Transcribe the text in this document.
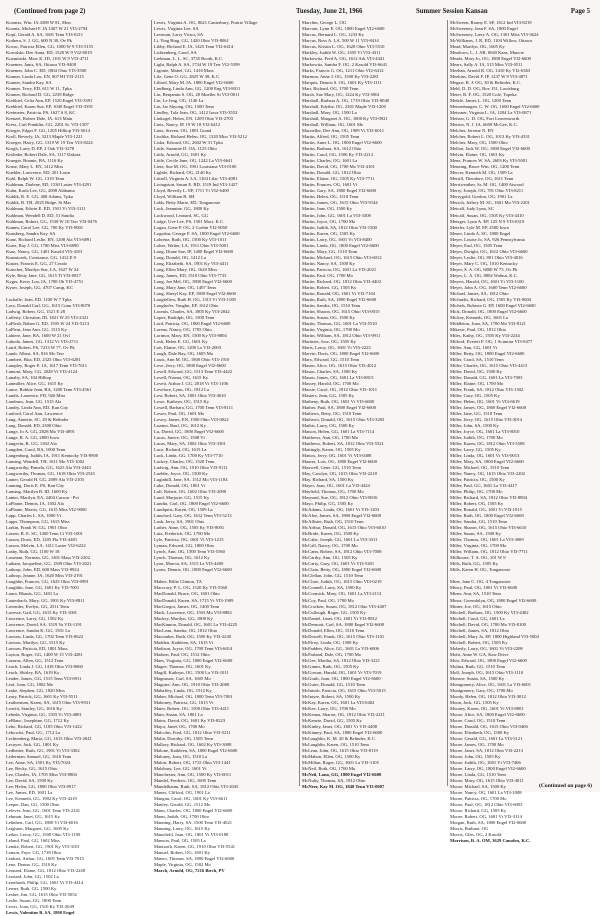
(Continued from page 2)	Tuesday, June 21, 1966	Summer Session Kansan	Page 5
Koontzs, Wm. IA 4308 W 81, Mon
Koontz, Michael F. IA 1407 W 21 VI3-2794
Kopf, Gerald A. SA, 1601 Tenn VI3-0211
Kothera, S. J. GG, 600 N 30, Ov Pk
Kovac, Patricia Ellen, GG, 1000 W 9 VI3-5155
Kowalski, Dee Anna, ED, 1520 W 9 VI2-8019
Kozminski, Marc K. ID, 1101 W 9 VI3-4711
Kraemer, Janis, SA, Ottawa VI3-9408
Kraemer, John C. ED, 1804 Ohio VI3-3500
Kramer, Linda Lou, EN, 807 HI VI3-2115
Kramer, Sandra Kay, SA
Kramer, Terry, ED, 611 W 11, Tpka
Kramer, Richard D. GG, 2239 Ridge
Krebbiel, Celia Ann, EP, 1520 Engel VI3-3391
Krebbiel, Karen Sue, EP, 1040 Engel VI3-3391
Kreimeier, Patricia, PS, 1627 S 8, KC
Krenzel, Robert Dale, IA, 613 Main
Kress, Carl Franklin, GG, 2201 St. VI3-1507
Krieger, Edgar F. GG, 1205 Hilltop VI3-5614
Kroll, Beverly, IA, 3213 Maple VI3-1221
Kroeger, Harry, GG, 1319 W 19 Terr VI3-8224
Krogh, Larry D. EP, 2 Oak VI3-3278
Krohnke, Robert Dale, SA, 1117 Dakota
Krueger, Bonnie, BA, 1116 Ky
Kruse, Mary L. EN, 1412 Miss
Kuehler, Lawrence, ED, 201 Lawn
Kuhl, Ralph W. GG, 1319 Tenn
Kuhlman, Darlene, ED, 1530 Laster VI3-4291
Kuhn, Karla Lee, GG, 2008 Alabama
Kuhlik, R. E. GG, 408 Adams, Tpka
Kuhlik, B. TH, 2025 Ridge, St Mar
Kuhlman, Edwin E. ED, 1501 Vt VI3-3111
Kuhlman, Wendell D. ED, 51 Sandia
Kuhlman, Robert, GG, 1530 W 10 Terr VI3-0476
Kumm, Carol Lee, GG, 700 Ky VI3-9001
Kunsberg, Sandra Kay, SA
Kunz, Richard Leslie, EN, 1208 Ala VI3-6891
Kurtz, Ray J. GG, 1700 Miss VI3-6890
Kurz, Nancy, GG, 1401 Kasold VI3-4101
Kusmiczek, Constance, GG, 1412 E 9
Kuster, Francis E. GG, 27 Ceralo
Kutscher, Marilyn Sue, LA, 1627 W 24
Kyle, Betty Jane, GG, 1615 Tl VI3-0817
Kyger, Kerry Lou, IA, 1700 Oh VI3-4751
Kyser, Joseph, GG, 4707 Camp, KC

Lachalle, Joan, ED, 1100 W 7 Tpka
Lacy, Donald Carl, GG, 1615 Conn VI3-8070
Ladwig, Robert, GG, 1521 E 28
Lafferty, Christine, ID, 1821 W 25 VI3-2321
LaFlesh, Raben G. ED, 1505 W 24 VI3-5213
LaFleur, Jean Ann, GG, 1515 Ky
Lahiere, Jane, BA, 1600 W 21 Ovl
Lahoda, James, GG, 1312 Vt VI3-2711
Laird, Robert, PS, 7213 W 77, Ov Pk
Lamb, Albert, SA, 816 Mo Terr
Lambert, Rita, ED, 2325 Ohio VI3-6281
Lampley, Roger E. IA, 1617 Tenn VI3-7611
Lamont, Mary, GG, 2028 Vt VI3-4124
Lanalty, SA, 104 Hilltop
Lanmiller, Alice, GG, 1615 Ky
Lance, Bobbie Jean, BA, 1200 Tenn VI3-4561
Landis, Laurence, FD, 926 Miss
Landrum, Jean, GG, 1515 Ala
Landry, Linda Ann, ED, Kan City
Lanford, Carol Ann, Lawrence
Lang, Annette, SC, 29 & Belinder
Lang, Donald, ED, 2300 Ohio
Lange, Jo A. GG, 2828 Mo VI3-4891
Lange, R. A. GG, 2800 Iowa
Langevin, R. GG, 1302 Ala
Langdon, Carol, BA, 1000 Tenn
Langenburg, Judith, IA, 1911 Kentucky VI3-8900
Lansing, Wendell, TH, 1611 Mo VI3-1002
Langworthy, Pamela, GG, 1625 Ala VI3-2443
Langworthy, Thomas, GG, 1618 Ohio VI3-2543
Lanier, Gerald H. GG, 2009 Ala VI3-2103
Lanning, Doris E. PS, Kan City
Lansing, Marilyn B. ID, 1600 Ky
Lanter, Marilyn, EA, 2404 Carson - Pvt
LaPlante, Dennis, IA, 1302 Ala
LaPlante, Morris, GG, 1615 Miss VI2-9000
Lapp, Charles L. SA, 1000 Vt
Lapps, Thompson, GG, 1615 Miss
Larkin, Frank W. GG, 1901 Ohio
Larsen, R. E. SC, 1400 Tenn Ct VI3-1001
Larson, Doris, ED, 1205 Fla VI3-4481
Larson, Melvin, LA, 1411 Laster VI2-6222
Lasby, Ruth, GG, 1100 W 18
Lassman, Norman, GG, 1401 Mass VI3-2202
Latham, Jacqueline, GG, 1509 Ohio VI3-2021
Lathrop, John, ED, 600 Mass VI3-8924
Lathrop, Jeanne, IA, 1620 Miss VI3-2191
Laughlin, Frances, GG, 1625 Ohio VI3-0991
Laughlin, Jane, GG, 1601 Ky VI3-7001
Laura, Rhanis, GG, 1401 La
Lauterbach, Mary, GG, 1901 Ky VI3-8811
Lavender, Evelyn, GG, 2511 Tenn
Lavesse, Gail, GG, 1615 Ky VI3-1001
Lawrence, Larry, GG, 1502 Ky
Lawrence, David, SA, 1519 Va VI3-1191
Lawrence, Sandra K. GG, 1501 La
Lawson, Linda, GG, 1702 Tenn VI3-8622
Lawson, Marilyn, GG, 1515 Ky
Lawson, Patricia, ED, 1801 Mass
Layton, Roger, GG, 1400 W 15 VI3-4281
Lazarus, Allen, GG, 1512 Tenn
Leach, Linda J. GG, 1418 Ohio VI3-8060
Leach, Shirley, BA, 1619 Ky
Leader, James, GG, 1515 Tenn VI3-6911
Leaf, Joan, GG, 1802 Mo
Leake, Stephen, GG, 1820 Miss
Leary, Patrick, GG, 1601 Ky VI3-5511
Leatherman, Karen, SA, 1615 Ohio VI3-9931
Leavitt, Stanley, GG, 1616 Ky
Lebeda, Virginia, GG, 1503 Vt VI3-4881
LeBlanc, Josephine, GG, 1712 Ky
Lebo, Richard, GG, 1105 Ohio VI3-1422
Lebowitz, Paul, GG, 1712 La
Lechtenberg, Maria, GG, 1615 Ohio VI3-2041
Lecuyer, Jack, GG, 1801 Ky
Ledbetter, Ruth, GG, 1901 Vt VI3-3302
Lederman, Samuel, GG, 1616 Tenn
Lee, Anne, SA, 1501 Ky VI3-7024
Lee, Becky, GG, 1615 Ohio
Lee, Charles, IA, 1705 Miss VI3-8804
Lee, David, SA, 1500 Ky
Lee, Helen, GG, 1800 Ohio VI3-0917
Lee, James, ED, 1601 La
Lee, Kenneth, GG, 1902 Ky VI3-4219
Leeper, Dan, GG, 1500 Ohio
Lefever, Jean, GG, 1601 Tenn VI3-2241
Lehman, Janet, GG, 1615 Ky
Lehnherr, Carl, GG, 1800 Vt VI3-6016
Leighton, Margaret, GG, 1605 Ky
Leiker, Leroy, GG, 1500 Ohio VI3-1190
Leland, Paul, GG, 1602 Miss
Lemke, Robert, GG, 1901 Ky VI3-3101
Lemon, Faye, GG, 1718 Ohio
Lenhart, Arthur, GG, 1605 Tenn VI3-7015
Lenz, Donna, GG, 1510 Ky
Leonard, Elaine, GG, 1812 Ohio VI3-2248
Leonard, John, GG, 1502 La
Leonhardt, Philip, GG, 1601 Vt VI3-4414
Lerner, Ruth, GG, 1500 Ky
Lesher, Jim, GG, 1615 Ohio VI3-5052
Leslie, Susan, GG, 1800 Tenn
Lewis, Joan, GG, 1510 Ky VI3-2049
Lewis, Valentine B. SA, 1800 Engel
Lewis, Virginia A. OG, 8621 Canterbury, Prairie Village
Lewis, Virginia Lee, SA
Lewman, Larry Victor, SA
Li, Ying Bing, GG, 1420 Ohio VI3-8061
Libby, Richard E. IA, 1425 Tenn VI2-6414
Lichtenberg, Carol, SA
Liebman, L. L. SC, 3735 Booth, K.C.
Light, Ralph A. SA, 1734 W 19 Terr VI2-5599
Ligonie, Mabel, GG, 1416 Mass
Lile, Gene O. GG, 2825 W 38, K.C.
Lillard, Mary M. IA, 1800 Engel VI2-6600
Lindberg, Linda Ann, GG, 1200 Eng VI3-8011
Lin, Benjamin S. OG, 20 Mueller St VI3-0011
Lin, Le Jeng, OG, 1140 La
Lin, Jar Shyong, OG, 1500 Tenn
Lindley, Tola Jean, OG, 1412 Iowa VI3-3552
Linkogel, Helen, EN, 1209 Ohio VI3-2703
Lints, Nancy, IP, 19 W 18 VI2-6412
Lints, Steven, OG, 1801 Grand
Lischka, Richard Helen, OG, 1320 Miss VI3-5212
Liska, Edward, OG, 2602 W 31 Tpka
Little, Suzanne D. OA, 1125 Ohio
Little, Arnold, GG, 1601 Ky
Little, Cecile Jane, OG, 1242 La VI3-6641
Lietz, Sue M. OG, 1901 Louisiana VI3-0100
Lightle, Richard, OG, 2140 Ky
Littrell, Virginia A. LA, 1104 Lilac VI3-4081
Livingston, Susan E. BD, 1519 Ind VI3-1427
Lloyd, Beverly L. EP, 1711 Vt VI2-6400
Lloyd, William B. SH
Lobb, Betty Marie, ED, Tonganoxie
Lock, Jeannine, GG, 1800 Ky
Lockwood, Leonard, SC, GG
Lodge, Uve Lee, PS, 1501 Maci, K.C.
Logan, Gene P. OG, 2 Corbin VI2-9050
Logsdon, George F. SA, 1800 Engel VI2-6600
Lohrenz, Ruth, OG, 1500 Ky VI3-1011
Lohse, Walter, LA, 1911 Ohio VI3-5001
Long, Diane Sue, IP, 1400 Engel VI2-6600
Long, Donald, OG, 1412 La
Long, Elizabeth, SA, 1901 Ky VI3-4411
Long, Ellen Mary, OG, 1620 Miss
Long, James, ED, 1510 Ohio VI3-7733
Long, Joe Mel, OG, 1800 Engel VI2-6600
Long, Mary Jane, OG, 1407 Tenn
Long, Sheryl Kay, EP, 1800 Engel VI2-6600
Longfellow, Ruth H. OG, 1315 Vt VI3-1108
Longhofer, Vaughn, EP, 1612 Ohio
Loomis, Charles, SA, 1805 Ky VI3-2042
Lopez, Rudolph, OG, 1500 Tenn
Lord, Patricia, OG, 1800 Engel VI2-6600
Lorenz, Nancy, OG, 1705 Ohio
Lorimor, Mary, EN, 1500 Ky VI3-8804
Losh, Helen E. GG, 1601 Ky
Lott, Elaine, OG, 1200 La VI3-2003
Lough, Dale Ray, OG, 1605 Mo
Louis, Ann M. OG, 1800 Ohio VI3-1910
Love, Jerry, OG, 1800 Engel VI2-6600
Lovell, Edward, GG, 1513 Tenn VI3-4422
Lovell, Norma, OG, 1615 Ky
Lovett, Arthur J. GG, 2018 Vt VI3-1106
Lovelace, Lynn, OG, 1812 La
Low, Robert, SA, 1801 Ohio VI3-4010
Lowe, Kathryn, OG, 1515 Ky
Lowell, Barbara, GG, 1700 Tenn VI3-8111
Lower, Paul, OG, 1601 Mo
Lowry, James, EN, 1500 Ohio VI3-0022
Lozano, Raul, OG, 1612 Ky
Lu, David, GG, 1800 Engel VI2-6600
Lucas, Janice, OG, 1508 Vt
Lucas, Mary, SA, 1802 Ohio VI3-3301
Luce, Richard, OG, 1615 La
Luck, Linda, GG, 1700 Ky VI3-7710
Luckey, Charles, OG, 1520 Tenn
Ludwig, Ann, OG, 1910 Ohio VI3-9111
Luebbe, Joyce, OG, 1500 Ky
Luginbill, Jane, SA, 1512 Mo VI3-1104
Luke, Donald, OG, 1801 Vt
Lull, Robert, OG, 1602 Ohio VI3-2090
Lund, Marjorie, GG, 1515 Ky
Lundin, Carl, OG, 1800 Engel VI2-6600
Lundquist, Karen, OG, 1509 La
Lunsford, Gary, OG, 1612 Tenn VI3-5213
Lusk, Jerry, SA, 1901 Ohio
Luther, Anne, OG, 1505 Ky VI3-8001
Lutz, Frederick, OG, 1700 Mo
Lyle, Patricia, OG, 1601 Vt VI3-1215
Lyman, Edward, GG, 1800 Ohio
Lynch, Ann, OG, 1500 Tenn VI3-5560
Lynch, Thomas, OG, 1612 Ky
Lyon, Marcia, SA, 1515 La VI3-4400
Lyons, Dennis, OG, 1800 Engel VI2-6600

Mabee, Billie Clinton, TA
Maccrory, P. L. OG, 1520 Ky VI3-5560
MacDonald, Bruce, OG, 1601 Ohio
MacDonald, Karen, SA, 1715 Vt VI3-1909
MacGregor, James, OG, 1400 Tenn
Mack, Lawrence, OG, 1503 Mo VI3-8882
Mackey, Marilyn, GG, 1800 Ky
MacKinnon, Donald, OG, 1601 La VI3-4225
MacLean, Sandra, OG, 1812 Ohio
Macomber, Ruth, OG, 1500 Ky VI3-2240
Madden, Kathleen, SA, 1615 Vt
Madison, Joyce, OG, 1700 Tenn VI3-6014
Madsen, Paul, OG, 1512 Ohio
Maes, Virginia, GG, 1800 Engel VI2-6600
Magee, Thomas, OG, 1601 Ky
Magill, Kathryn, OG, 1500 La VI3-1011
Magnuson, Carl, SA, 1605 Mo
Maguire, Ann, OG, 1910 Ohio VI3-2080
Mahaffey, Linda, OG, 1512 Ky
Maher, Michael, OG, 1800 Tenn VI3-7001
Mahoney, Patricia, GG, 1615 Vt
Maier, Robert, OG, 1500 Ohio VI3-4411
Main, Susan, SA, 1801 La
Mains, David, OG, 1601 Ky VI3-8223
Major, Janet, OG, 1700 Mo
Malcolm, Fred, GG, 1812 Ohio VI3-5211
Malin, Dorothy, OG, 1505 Tenn
Mallory, Richard, OG, 1602 Ky VI3-3008
Malone, Kathleen, SA, 1800 Engel VI2-6600
Maloney, Joan, OG, 1510 La
Malott, Robert, OG, 1715 Ohio VI3-1441
Malsbury, Lee, GG, 1601 Vt
Manchester, Ann, OG, 1500 Ky VI3-0011
Mandel, Frederic, OG, 1605 Tenn
Mandelbaum, Ruth, SA, 1812 Ohio VI3-2045
Manes, Clifford, OG, 1901 La
Mangan, Carol, OG, 1601 Ky VI3-6611
Manley, Gerald, GG, 1512 Mo
Mann, Charles, OG, 1800 Engel VI2-6600
Mann, Judith, OG, 1700 Ohio
Manning, Harry, SA, 1500 Tenn VI3-4021
Manning, Larry, OG, 1615 Ky
Mansfield, Joan, OG, 1801 Vt VI3-0188
Manson, Paul, OG, 1505 La
Mantooth, Karen, GG, 1910 Ohio VI3-5541
Manuel, Robert, OG, 1601 Ky
Manzo, Thomas, SA, 1800 Engel VI2-6600
Maple, Virginia, OG, 1502 Mo
March, Arnold, OG, 7216 Birch, PV
Marchin, George L. OG
Marconi, Lynn E. OG, 1800 Engel VI2-6600
Marcus, Bernard L. OG, 1233 Ky
Marcus, Ross A. LA, 500 W 11 VI3-8414
Marcus, Kristin L. OG, 1620 Ohio VI3-5510
Markley, Judith W. OG, 1305 Vt VI3-4311
Markowitz, Fred A. OG, 1612 Ark VI3-4441
Markowitz, Sandra F. OG, 2 Kasold VI3-6641
Marks, Francis G. OG, 1211 Ohio VI2-6412
Marmon, Anne J. OG, 1500 Ky VI3-2281
Marquis, Dennis S. OG, 1601 Ky VI3-1111
Marr, Richard, OG, 1700 Tenn
Marsh, Sue Mary, OG, 1224 Ky VI3-5061
Marshall, Barbara A. OG, 1719 Ohio VI3-8040
Marshall, Edythe, OG, 2301 Maple VI3-1200
Marshall, Mary, OG, 1500 La
Marshall, Margaret A. OG, 1800 Ky VI3-0921
Marshall, William, OG, 1601 Mo
Marsteller, Dee Ann, OG, 1909 Vt VI3-6011
Martin, Alfred, OG, 1505 Tenn
Martin, Anne L. OG, 1800 Engel VI2-6600
Martin, Barbara, SA, 1612 Ohio
Martin, Carol, OG, 1500 Ky VI3-2212
Martin, Charles, OG, 1601 La
Martin, David, OG, 1700 Mo VI3-4101
Martin, Donald, GG, 1812 Ohio
Martin, Elaine, OG, 1505 Ky VI3-7711
Martin, Frances, OG, 1601 Vt
Martin, Gary, SA, 1800 Engel VI2-6600
Martin, Helen, OG, 1510 Tenn
Martin, James, OG, 1615 Ohio VI3-9144
Martin, Jane, OG, 1500 Ky
Martin, John, GG, 1601 La VI3-3308
Martin, Joyce, OG, 1700 Mo
Martin, Judith, SA, 1812 Ohio VI3-1500
Martin, Karen, OG, 1505 Ky
Martin, Larry, OG, 1601 Vt VI3-8400
Martin, Linda, OG, 1800 Engel VI2-6600
Martin, Mary, GG, 1510 Tenn
Martin, Michael, OG, 1615 Ohio VI3-6012
Martin, Nancy, SA, 1500 Ky
Martin, Patricia, OG, 1601 La VI3-2021
Martin, Paul, OG, 1700 Mo
Martin, Richard, OG, 1812 Ohio VI3-4402
Martin, Robert, GG, 1505 Ky
Martin, Ronald, OG, 1601 Vt VI3-7104
Martin, Ruth, SA, 1800 Engel VI2-6600
Martin, Sandra, OG, 1510 Tenn
Martin, Sharon, OG, 1615 Ohio VI3-0015
Martin, Susan, OG, 1500 Ky
Martin, Thomas, GG, 1601 La VI3-5510
Martin, Virginia, OG, 1700 Mo
Martin, William, SA, 1812 Ohio VI3-9911
Martinez, Jose, OG, 1505 Ky
Marts, Leroy, OG, 1601 Vt VI3-2223
Marvin, Doris, OG, 1800 Engel VI2-6600
Marx, Edward, GG, 1510 Tenn
Mason, Alice, OG, 1615 Ohio VI3-4012
Mason, Charles, SA, 1500 Ky
Mason, James, OG, 1601 La VI3-8815
Massey, Harold, OG, 1700 Mo
Massie, Carol, OG, 1812 Ohio VI3-1011
Masters, Jean, GG, 1505 Ky
Matheny, Ruth, OG, 1601 Vt VI3-6600
Mather, Paul, SA, 1800 Engel VI2-6600
Mathews, Betty, OG, 1510 Tenn
Mathews, Donald, OG, 1615 Ohio VI3-3203
Mathis, Larry, OG, 1500 Ky
Matson, Helen, GG, 1601 La VI3-7114
Matthews, Ann, OG, 1700 Mo
Matthews, Robert, SA, 1812 Ohio VI3-5521
Mattingly, Karen, OG, 1505 Ky
Mattox, Jerry, OG, 1601 Vt VI3-0408
Maurer, Lois, OG, 1800 Engel VI2-6600
Maxwell, Gene, GG, 1510 Tenn
May, Carolyn, OG, 1615 Ohio VI3-2218
May, Richard, SA, 1500 Ky
Mayer, Joan, OG, 1601 La VI3-4424
Mayfield, Thomas, OG, 1700 Mo
Maynard, Sue, OG, 1812 Ohio VI3-8016
Mayo, Philip, GG, 1505 Ky
McAdams, Linda, OG, 1601 Vt VI3-1203
McAfee, James, SA, 1800 Engel VI2-6600
McAllister, Ruth, OG, 1510 Tenn
McArthur, Donald, OG, 1615 Ohio VI3-6010
McBride, Karen, OG, 1500 Ky
McCabe, Joseph, GG, 1601 La VI3-3311
McCall, Nancy, OG, 1700 Mo
McCann, Robert, SA, 1812 Ohio VI3-7008
McCarthy, Ann, OG, 1505 Ky
McCarty, Gary, OG, 1601 Vt VI3-5401
McClain, Betty, OG, 1800 Engel VI2-6600
McClellan, John, GG, 1510 Tenn
McClure, Judith, OG, 1615 Ohio VI3-0219
McConnell, Larry, SA, 1500 Ky
McCormick, Mary, OG, 1601 La VI3-2113
McCoy, Paul, OG, 1700 Mo
McCracken, Susan, OG, 1812 Ohio VI3-4407
McCullough, Roger, GG, 1505 Ky
McDaniel, Janet, OG, 1601 Vt VI3-8812
McDermott, Carl, SA, 1800 Engel VI2-6600
McDonald, Ellen, OG, 1510 Tenn
McDowell, Frank, OG, 1615 Ohio VI3-1101
McElroy, Linda, OG, 1500 Ky
McFadden, Alice, GG, 1601 La VI3-6006
McFarland, Dale, OG, 1700 Mo
McGee, Martha, SA, 1812 Ohio VI3-3221
McGinnis, Ruth, OG, 1505 Ky
McGowan, Harold, OG, 1601 Vt VI3-7019
McGrath, Joan, OG, 1800 Engel VI2-6600
McGuire, Donald, GG, 1510 Tenn
McIntosh, Patricia, OG, 1615 Ohio VI3-5015
McIntyre, Robert, SA, 1500 Ky
McKay, Karen, OG, 1601 La VI3-0402
McKee, Larry, OG, 1700 Mo
McKenna, Sharon, OG, 1812 Ohio VI3-2211
McKenzie, David, GG, 1505 Ky
McKinley, Janet, OG, 1601 Vt VI3-4408
McKinney, Paul, SA, 1800 Engel VI2-6600
McLaughlin, K. M. 20 & Belinder, K.C.
McLaughlin, Karen, OG, 1510 Tenn
McLean, John, OG, 1615 Ohio VI3-8119
McMahon, Ellen, OG, 1500 Ky
McMillan, Roger, GG, 1601 La VI3-1105
McNeil, Ruth, OG, 1700 Mo
McNeil, Lana, GG, 1800 Engel VI2-6600
McNulty, Thomas, SA, 1812 Ohio
McNeer, Kay M. OG, 1840 Tenn VI3-0007
McSween, Ronny E. SF, 1612 Ind VI3-8219
McSweeney, Jean F. SA, 1800 Engel
McSweeney, Larry A. OG, 1301 Miss VI3-3624
McWilliams, J. R. ED, 1104 Willow, Ottawa
Mead, Marilyn, OG, 1605 Ky
Meadows, L. J. AB, 6040 Kans, Muncie
Meads, Mary Jo, OG, 1800 Engel VI2-6600
Mears, Sally A. IA, 515 Miss VI3-0511
Meehan, Arnold R. OG, 1410 Ky VI2-6363
Meekins, David F. IP, 1237 W 9 VI3-4871
Megaw, R. J. OG, 30 & Belinder, K.C.
Mehl, D. D. OG, Box 151, Louisburg
Meier, R. F. OG, 1520 Cole, Topeka
Meikle, James L. OG, 1200 Tenn
Meisenhaugen, C. W. OG, 1600 Engel VI2-6600
Meissner, Virginia L. IA, 1204 La VI3-0871
Meister, G. D. OG, Fort Leavenworth
Meister, N. J. IA, 6609 McGee, K.C.
Melcher, Jerome N. EN
Melcher, Robert L. OG, 1013 Ky VI3-4331
Melcher, Mary, OG, 1500 Ohio
Mellon, Jack W. OG, 1800 Engel VI2-6600
Melvin, Elaine, OG, 1601 Ky
Menz, Frances W. SA, 2603 Ky VI3-5001
Menzing, Bruce Wm. OG, 1200 Tenn
Mercer, Kenneth M. OG, 1509 La
Merrill, Theodore, OG, 1611 Tenn
Merriweather, Sr, M. OG, 1400 Atwood
Merry, Joseph, OG, 701 Ohio VI3-8211
Merrygold, Gordon, OG, 1901 La
Mersch, Jeffrey M. SC, 1601 Mo VI3-2201
Metcalf, Judy Lynn, SC
Metcalf, Susan, OG, 1505 Ky VI3-4410
Metzger, Lynn A. EP, 125 N 9 VI3-0319
Metzler, Lyle M. EP, 2500 Iowa
Meuer, Linda A. SC, 1800 Engel
Meyer, Louise Jo, SA, 926 Pennsylvania
Meyer, Earl, OG, 1505 Tenn
Meyer, Dwight, OG, 1612 Ohio VI3-6600
Meyer, Leslie, OG, 801 Ohio VI3-4016
Meyer, Mary C. OG, 1010 Kentucky
Meyer, S. A. OG, 6800 W 75, Ov Pk
Meyer, L. A. OG, 8802 Walnut, K.C.
Meyers, Harold, OG, 1601 Vt VI3-1100
Meyer, John A. OG, 1600 Tenn VI2-6600
Michael, James, SA, 1812 Ohio
Michaelis, Richard, OG, 1505 Ky VI3-0004
Michels, Roberta G. EP, 1600 Engel VI2-6600
Mick, Donald, OG, 1800 Engel VI2-6600
Mickey, Kenneth, OG, 1601 La
Middleton, Joan, SA, 1700 Mo VI3-8121
Mikesic, Paul, OG, 1812 Ohio
Miles, Kathy, OG, 1505 Ky VI3-2244
Milford, Everett F. OG, 1 Scimitar VI3-0477
Miller, Ann, GG, 1601 Vt
Miller, Betty, OG, 1800 Engel VI2-6600
Miller, Carol, SA, 1510 Tenn
Miller, Charles, OG, 1615 Ohio VI3-4413
Miller, David, OG, 1500 Ky
Miller, Donald, GG, 1601 La VI3-7003
Miller, Elaine, OG, 1700 Mo
Miller, Frank, SA, 1812 Ohio VI3-1302
Miller, Gary, OG, 1505 Ky
Miller, Helen, OG, 1601 Vt VI3-6619
Miller, James, OG, 1800 Engel VI2-6600
Miller, Jane, GG, 1510 Tenn
Miller, Jerry, OG, 1615 Ohio VI3-3014
Miller, John, SA, 1500 Ky
Miller, Joyce, OG, 1601 La VI3-8010
Miller, Judith, OG, 1700 Mo
Miller, Karen, OG, 1812 Ohio VI3-5508
Miller, Larry, GG, 1505 Ky
Miller, Linda, OG, 1601 Vt VI3-0013
Miller, Mary, SA, 1800 Engel VI2-6600
Miller, Michael, OG, 1510 Tenn
Miller, Nancy, OG, 1615 Ohio VI3-2202
Miller, Patricia, OG, 1500 Ky
Miller, Paul, GG, 1601 La VI3-4417
Miller, Philip, OG, 1700 Mo
Miller, Richard, SA, 1812 Ohio VI3-8804
Miller, Robert, OG, 1505 Ky
Miller, Ronald, OG, 1601 Vt VI3-1015
Miller, Ruth, OG, 1800 Engel VI2-6600
Miller, Sandra, GG, 1510 Tenn
Miller, Sharon, OG, 1615 Ohio VI3-6610
Miller, Susan, SA, 1500 Ky
Miller, Thomas, OG, 1601 La VI3-3009
Miller, Virginia, OG, 1700 Mo
Miller, William, OG, 1812 Ohio VI3-7711
Millhouse, T. A. OG, 101 W 9
Mills, Ruth, GG, 1505 Ky
Mills, Karen H. OG, Tonganoxie

Mine, Jane C. OG, 4 Tonganoxie
Mincy, Paul, OG, 1801 Vt VI3-6600
Miner, Ann, SA, 1510 Tenn
Minor, Gwendolyn, OG, 1800 Engel VI2-6600
Minter, Joe, OG, 1615 Ohio
Mitchell, Barbara, OG, 1500 Ky VI3-4402
Mitchell, Carol, GG, 1601 La
Mitchell, David, OG, 1700 Mo VI3-8100
Mitchell, James, SA, 1812 Ohio
Mitchell, Mary Jo, EP, 1800 Highland VI3-5004
Mitchell, Robert, OG, 1505 Ky
Moberly, Larry, OG, 1601 Vt VI3-2208
Mohr, Anne W. GA, Kaw Drive
Moir, Edward, OG, 1800 Engel VI2-6600
Molina, Ruth, GG, 1510 Tenn
Moll, Joseph, OG, 1615 Ohio VI3-1110
Monroe, Susan, SA, 1500 Ky
Montgomery, Alice, OG, 1601 La VI3-6601
Montgomery, Gary, OG, 1700 Mo
Moody, Helen, OG, 1812 Ohio VI3-3012
Moon, Jack, GG, 1505 Ky
Mooney, Karen, OG, 1601 Vt VI3-8801
Moore, Alice, SA, 1800 Engel VI2-6600
Moore, Carol, OG, 1510 Tenn
Moore, Donald, OG, 1615 Ohio VI3-0406
Moore, Elizabeth, OG, 1500 Ky
Moore, Gerald, GG, 1601 La VI3-5121
Moore, James, OG, 1700 Mo
Moore, Janet, SA, 1812 Ohio VI3-2213
Moore, John, OG, 1505 Ky
Moore, Judith, OG, 1601 Vt VI3-7406
Moore, Larry, OG, 1800 Engel VI2-6600
Moore, Linda, GG, 1510 Tenn
Moore, Mary, OG, 1615 Ohio VI3-4011
Moore, Michael, SA, 1500 Ky
Moore, Nancy, OG, 1601 La VI3-1008
Moore, Patricia, OG, 1700 Mo
Moore, Paul, OG, 1812 Ohio VI3-6003
Moore, Richard, GG, 1505 Ky
Moore, Robert, OG, 1601 Vt VI3-3114
Morgan, Ruth, SA, 1800 Engel VI2-6600
Morris, Barbara, OG
Morris, Glen, OG, 2 Kasold
Morrison, R. A. OM, 3629 Camden, K.C.
(Continued on page 6)
